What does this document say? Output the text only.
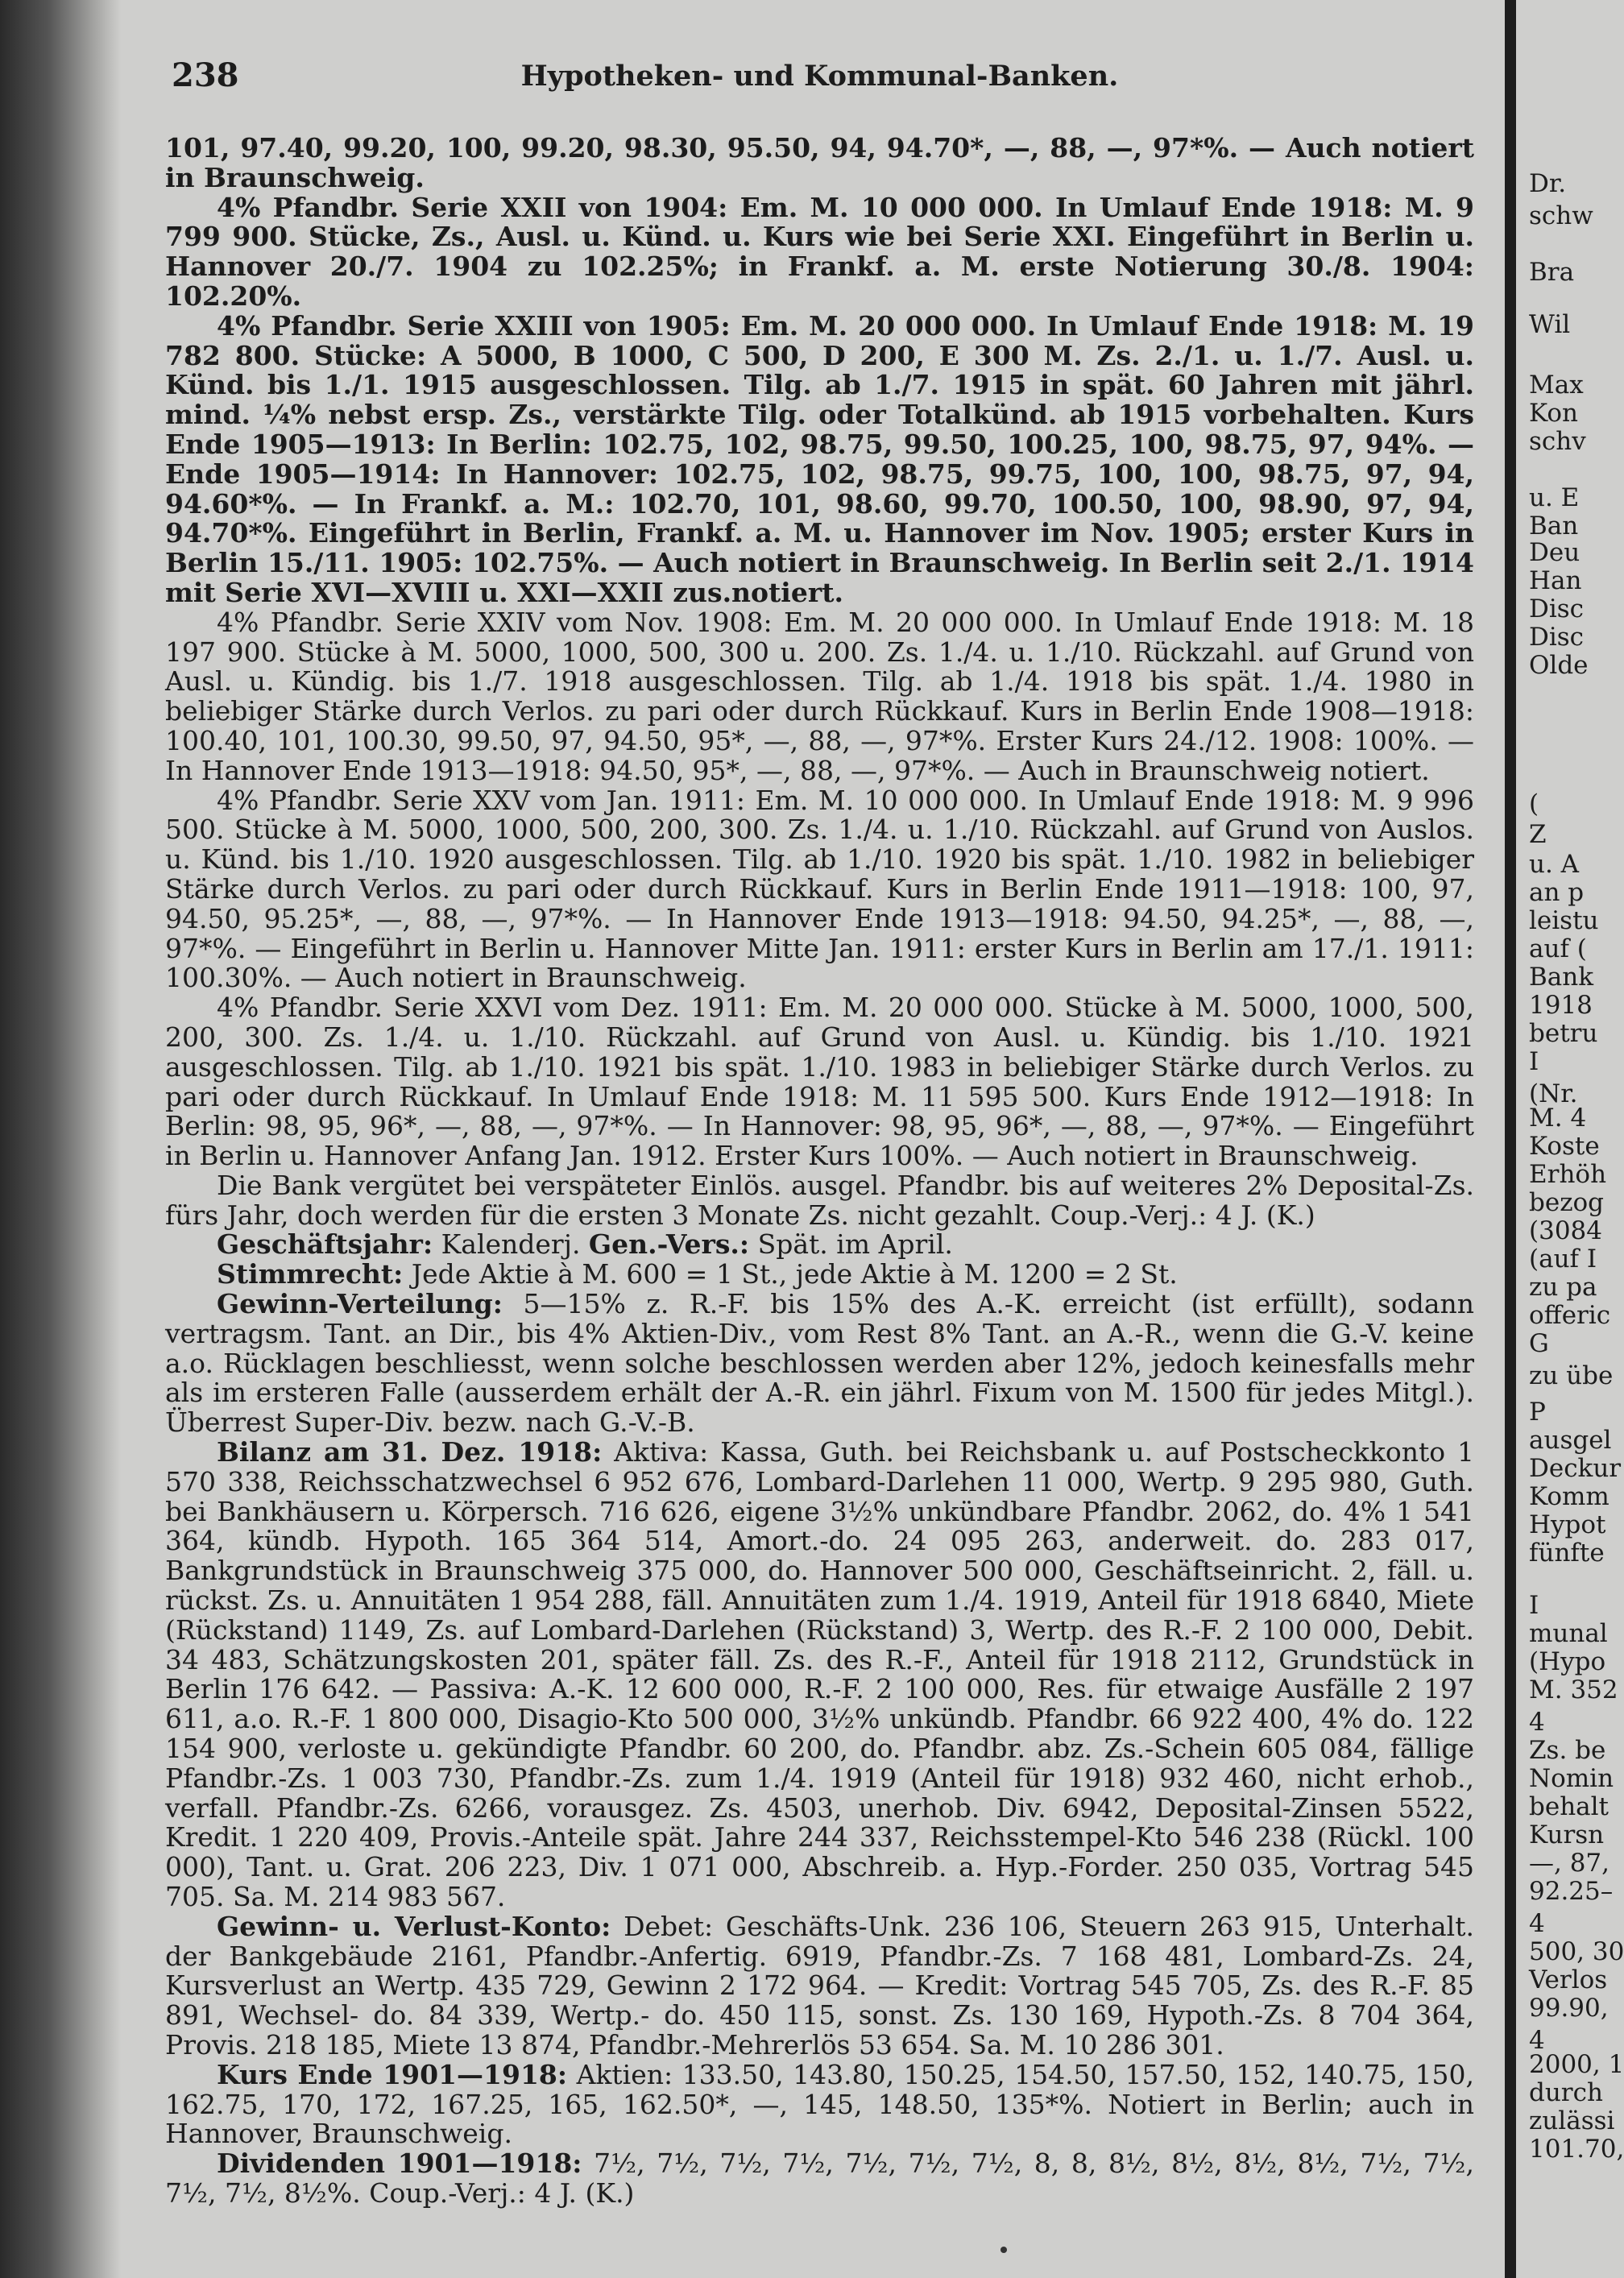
238	Hypotheken- und Kommunal-Banken.

101, 97.40, 99.20, 100, 99.20, 98.30, 95.50, 94, 94.70*, —, 88, —, 97*%. — Auch notiert in Braunschweig.

4% Pfandbr. Serie XXII von 1904: Em. M. 10 000 000. In Umlauf Ende 1918: M. 9 799 900. Stücke, Zs., Ausl. u. Künd. u. Kurs wie bei Serie XXI. Eingeführt in Berlin u. Hannover 20./7. 1904 zu 102.25%; in Frankf. a. M. erste Notierung 30./8. 1904: 102.20%.

4% Pfandbr. Serie XXIII von 1905: Em. M. 20 000 000. In Umlauf Ende 1918: M. 19 782 800. Stücke: A 5000, B 1000, C 500, D 200, E 300 M. Zs. 2./1. u. 1./7. Ausl. u. Künd. bis 1./1. 1915 ausgeschlossen. Tilg. ab 1./7. 1915 in spät. 60 Jahren mit jährl. mind. ¼% nebst ersp. Zs., verstärkte Tilg. oder Totalkünd. ab 1915 vorbehalten. Kurs Ende 1905—1913: In Berlin: 102.75, 102, 98.75, 99.50, 100.25, 100, 98.75, 97, 94%. — Ende 1905—1914: In Hannover: 102.75, 102, 98.75, 99.75, 100, 100, 98.75, 97, 94, 94.60*%. — In Frankf. a. M.: 102.70, 101, 98.60, 99.70, 100.50, 100, 98.90, 97, 94, 94.70*%. Eingeführt in Berlin, Frankf. a. M. u. Hannover im Nov. 1905; erster Kurs in Berlin 15./11. 1905: 102.75%. — Auch notiert in Braunschweig. In Berlin seit 2./1. 1914 mit Serie XVI—XVIII u. XXI—XXII zus.notiert.

4% Pfandbr. Serie XXIV vom Nov. 1908: Em. M. 20 000 000. In Umlauf Ende 1918: M. 18 197 900. Stücke à M. 5000, 1000, 500, 300 u. 200. Zs. 1./4. u. 1./10. Rückzahl. auf Grund von Ausl. u. Kündig. bis 1./7. 1918 ausgeschlossen. Tilg. ab 1./4. 1918 bis spät. 1./4. 1980 in beliebiger Stärke durch Verlos. zu pari oder durch Rückkauf. Kurs in Berlin Ende 1908—1918: 100.40, 101, 100.30, 99.50, 97, 94.50, 95*, —, 88, —, 97*%. Erster Kurs 24./12. 1908: 100%. — In Hannover Ende 1913—1918: 94.50, 95*, —, 88, —, 97*%. — Auch in Braunschweig notiert.

4% Pfandbr. Serie XXV vom Jan. 1911: Em. M. 10 000 000. In Umlauf Ende 1918: M. 9 996 500. Stücke à M. 5000, 1000, 500, 200, 300. Zs. 1./4. u. 1./10. Rückzahl. auf Grund von Auslos. u. Künd. bis 1./10. 1920 ausgeschlossen. Tilg. ab 1./10. 1920 bis spät. 1./10. 1982 in beliebiger Stärke durch Verlos. zu pari oder durch Rückkauf. Kurs in Berlin Ende 1911—1918: 100, 97, 94.50, 95.25*, —, 88, —, 97*%. — In Hannover Ende 1913—1918: 94.50, 94.25*, —, 88, —, 97*%. — Eingeführt in Berlin u. Hannover Mitte Jan. 1911: erster Kurs in Berlin am 17./1. 1911: 100.30%. — Auch notiert in Braunschweig.

4% Pfandbr. Serie XXVI vom Dez. 1911: Em. M. 20 000 000. Stücke à M. 5000, 1000, 500, 200, 300. Zs. 1./4. u. 1./10. Rückzahl. auf Grund von Ausl. u. Kündig. bis 1./10. 1921 ausgeschlossen. Tilg. ab 1./10. 1921 bis spät. 1./10. 1983 in beliebiger Stärke durch Verlos. zu pari oder durch Rückkauf. In Umlauf Ende 1918: M. 11 595 500. Kurs Ende 1912—1918: In Berlin: 98, 95, 96*, —, 88, —, 97*%. — In Hannover: 98, 95, 96*, —, 88, —, 97*%. — Eingeführt in Berlin u. Hannover Anfang Jan. 1912. Erster Kurs 100%. — Auch notiert in Braunschweig.

Die Bank vergütet bei verspäteter Einlös. ausgel. Pfandbr. bis auf weiteres 2% Deposital-Zs. fürs Jahr, doch werden für die ersten 3 Monate Zs. nicht gezahlt. Coup.-Verj.: 4 J. (K.)

Geschäftsjahr: Kalenderj. Gen.-Vers.: Spät. im April.

Stimmrecht: Jede Aktie à M. 600 = 1 St., jede Aktie à M. 1200 = 2 St.

Gewinn-Verteilung: 5—15% z. R.-F. bis 15% des A.-K. erreicht (ist erfüllt), sodann vertragsm. Tant. an Dir., bis 4% Aktien-Div., vom Rest 8% Tant. an A.-R., wenn die G.-V. keine a.o. Rücklagen beschliesst, wenn solche beschlossen werden aber 12%, jedoch keinesfalls mehr als im ersteren Falle (ausserdem erhält der A.-R. ein jährl. Fixum von M. 1500 für jedes Mitgl.). Überrest Super-Div. bezw. nach G.-V.-B.

Bilanz am 31. Dez. 1918: Aktiva: Kassa, Guth. bei Reichsbank u. auf Postscheckkonto 1 570 338, Reichsschatzwechsel 6 952 676, Lombard-Darlehen 11 000, Wertp. 9 295 980, Guth. bei Bankhäusern u. Körpersch. 716 626, eigene 3½% unkündbare Pfandbr. 2062, do. 4% 1 541 364, kündb. Hypoth. 165 364 514, Amort.-do. 24 095 263, anderweit. do. 283 017, Bankgrundstück in Braunschweig 375 000, do. Hannover 500 000, Geschäftseinricht. 2, fäll. u. rückst. Zs. u. Annuitäten 1 954 288, fäll. Annuitäten zum 1./4. 1919, Anteil für 1918 6840, Miete (Rückstand) 1149, Zs. auf Lombard-Darlehen (Rückstand) 3, Wertp. des R.-F. 2 100 000, Debit. 34 483, Schätzungskosten 201, später fäll. Zs. des R.-F., Anteil für 1918 2112, Grundstück in Berlin 176 642. — Passiva: A.-K. 12 600 000, R.-F. 2 100 000, Res. für etwaige Ausfälle 2 197 611, a.o. R.-F. 1 800 000, Disagio-Kto 500 000, 3½% unkündb. Pfandbr. 66 922 400, 4% do. 122 154 900, verloste u. gekündigte Pfandbr. 60 200, do. Pfandbr. abz. Zs.-Schein 605 084, fällige Pfandbr.-Zs. 1 003 730, Pfandbr.-Zs. zum 1./4. 1919 (Anteil für 1918) 932 460, nicht erhob., verfall. Pfandbr.-Zs. 6266, vorausgez. Zs. 4503, unerhob. Div. 6942, Deposital-Zinsen 5522, Kredit. 1 220 409, Provis.-Anteile spät. Jahre 244 337, Reichsstempel-Kto 546 238 (Rückl. 100 000), Tant. u. Grat. 206 223, Div. 1 071 000, Abschreib. a. Hyp.-Forder. 250 035, Vortrag 545 705. Sa. M. 214 983 567.

Gewinn- u. Verlust-Konto: Debet: Geschäfts-Unk. 236 106, Steuern 263 915, Unterhalt. der Bankgebäude 2161, Pfandbr.-Anfertig. 6919, Pfandbr.-Zs. 7 168 481, Lombard-Zs. 24, Kursverlust an Wertp. 435 729, Gewinn 2 172 964. — Kredit: Vortrag 545 705, Zs. des R.-F. 85 891, Wechsel- do. 84 339, Wertp.- do. 450 115, sonst. Zs. 130 169, Hypoth.-Zs. 8 704 364, Provis. 218 185, Miete 13 874, Pfandbr.-Mehrerlös 53 654. Sa. M. 10 286 301.

Kurs Ende 1901—1918: Aktien: 133.50, 143.80, 150.25, 154.50, 157.50, 152, 140.75, 150, 162.75, 170, 172, 167.25, 165, 162.50*, —, 145, 148.50, 135*%. Notiert in Berlin; auch in Hannover, Braunschweig.

Dividenden 1901—1918: 7½, 7½, 7½, 7½, 7½, 7½, 7½, 8, 8, 8½, 8½, 8½, 8½, 7½, 7½, 7½, 7½, 8½%. Coup.-Verj.: 4 J. (K.)

Dr.
schw
Bra
Wil
Max
Kon
schv
u. E
Ban
Deu
Han
Disc
Disc
Olde
(
Z
u. A
an p
leistu
auf (
Bank
1918
betru
I
(Nr.
M. 4
Koste
Erhöh
bezog
(3084
(auf I
zu pa
offeric
G
zu übe
P
ausgel
Deckur
Komm
Hypot
fünfte
I
munal
(Hypo
M. 352
4
Zs. be
Nomin
behalt
Kursn
—, 87,
92.25–
4
500, 30
Verlos
99.90,
4
2000, 1
durch
zulässi
101.70,
